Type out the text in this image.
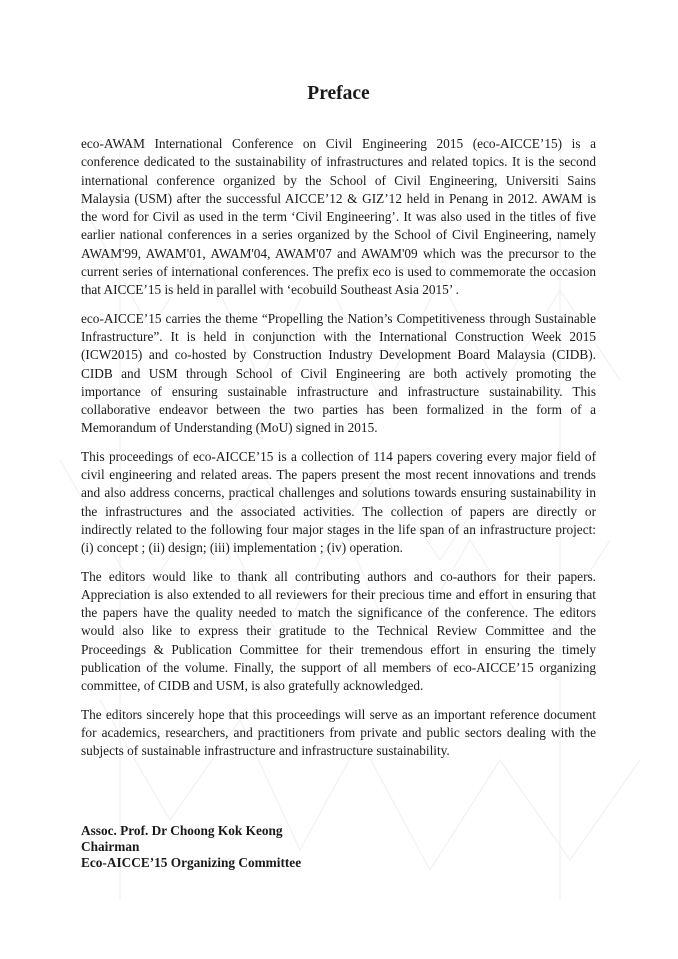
Preface

eco-AWAM International Conference on Civil Engineering 2015 (eco-AICCE’15) is a conference dedicated to the sustainability of infrastructures and related topics. It is the second international conference organized by the School of Civil Engineering, Universiti Sains Malaysia (USM) after the successful AICCE’12 & GIZ’12 held in Penang in 2012. AWAM is the word for Civil as used in the term ‘Civil Engineering’. It was also used in the titles of five earlier national conferences in a series organized by the School of Civil Engineering, namely AWAM'99, AWAM'01, AWAM'04, AWAM'07 and AWAM'09 which was the precursor to the current series of international conferences. The prefix eco is used to commemorate the occasion that AICCE’15 is held in parallel with ‘ecobuild Southeast Asia 2015’ .

eco-AICCE’15 carries the theme “Propelling the Nation’s Competitiveness through Sustainable Infrastructure”. It is held in conjunction with the International Construction Week 2015 (ICW2015) and co-hosted by Construction Industry Development Board Malaysia (CIDB). CIDB and USM through School of Civil Engineering are both actively promoting the importance of ensuring sustainable infrastructure and infrastructure sustainability. This collaborative endeavor between the two parties has been formalized in the form of a Memorandum of Understanding (MoU) signed in 2015.

This proceedings of eco-AICCE’15 is a collection of 114 papers covering every major field of civil engineering and related areas. The papers present the most recent innovations and trends and also address concerns, practical challenges and solutions towards ensuring sustainability in the infrastructures and the associated activities. The collection of papers are directly or indirectly related to the following four major stages in the life span of an infrastructure project: (i) concept ; (ii) design; (iii) implementation ; (iv) operation.

The editors would like to thank all contributing authors and co-authors for their papers. Appreciation is also extended to all reviewers for their precious time and effort in ensuring that the papers have the quality needed to match the significance of the conference. The editors would also like to express their gratitude to the Technical Review Committee and the Proceedings & Publication Committee for their tremendous effort in ensuring the timely publication of the volume. Finally, the support of all members of eco-AICCE’15 organizing committee, of CIDB and USM, is also gratefully acknowledged.

The editors sincerely hope that this proceedings will serve as an important reference document for academics, researchers, and practitioners from private and public sectors dealing with the subjects of sustainable infrastructure and infrastructure sustainability.

Assoc. Prof. Dr Choong Kok Keong
Chairman
Eco-AICCE’15 Organizing Committee
